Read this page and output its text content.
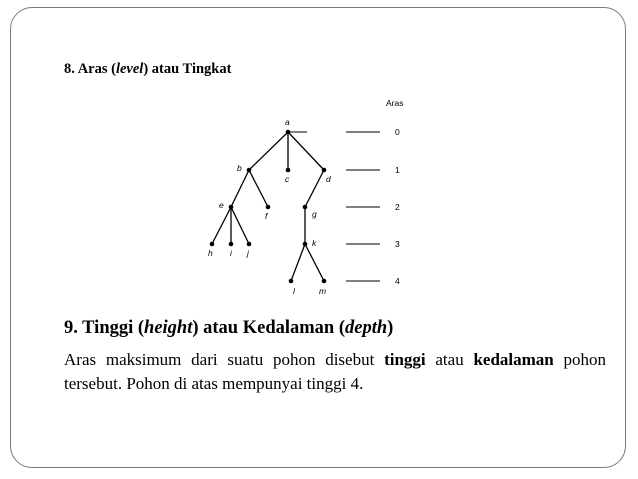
8. Aras (level) atau Tingkat
Aras
a
b
c	d
e
f	g
h i j
k
l	m
0
1
2
3
4
9. Tinggi (height) atau Kedalaman (depth)

Aras maksimum dari suatu pohon disebut tinggi atau kedalaman pohon tersebut. Pohon di atas mempunyai tinggi 4.
